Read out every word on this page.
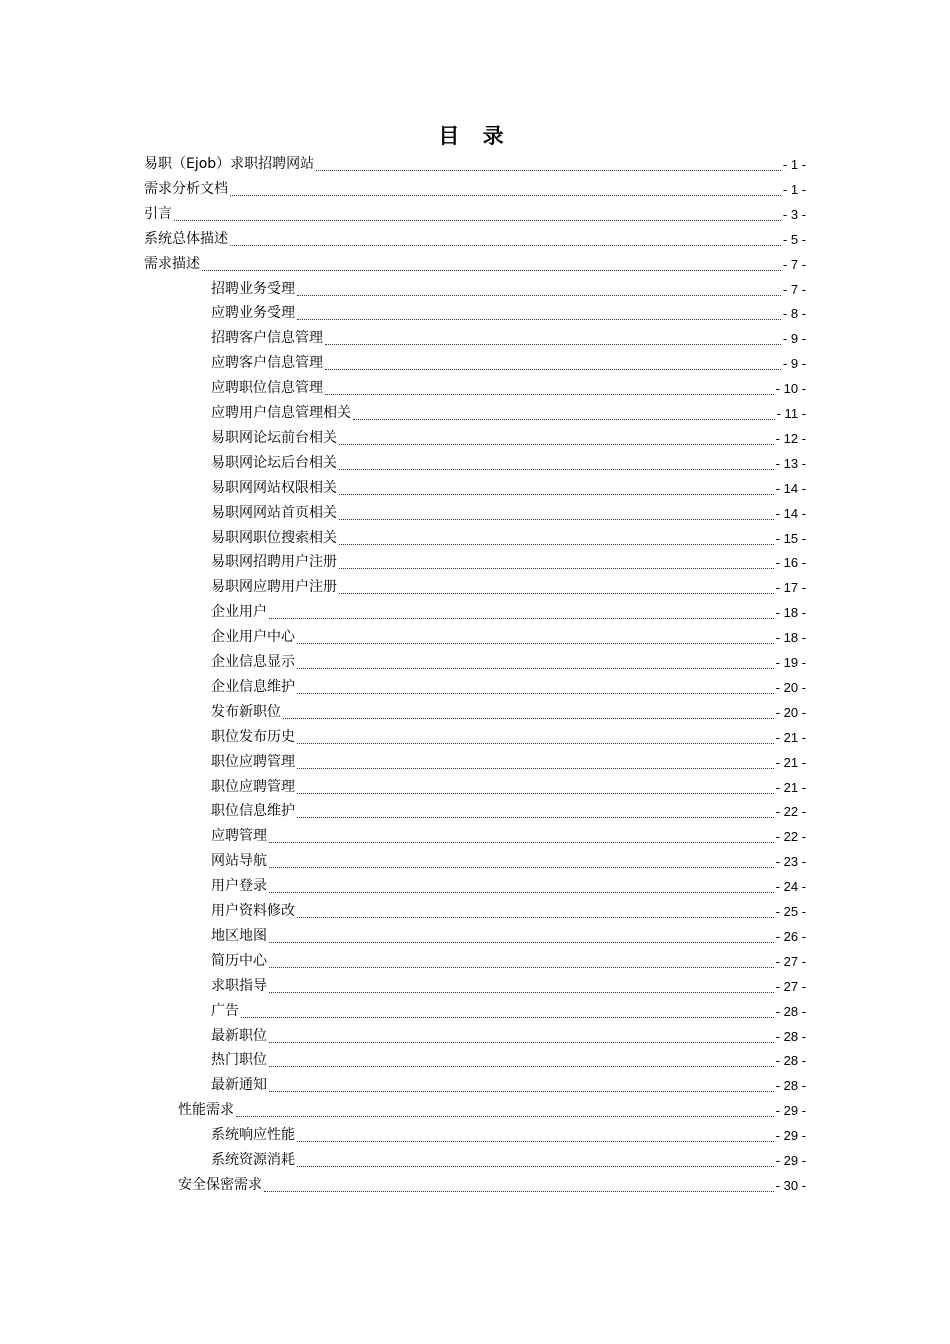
目 录
易职（Ejob）求职招聘网站	- 1 -
需求分析文档	- 1 -
引言	- 3 -
系统总体描述	- 5 -
需求描述	- 7 -
招聘业务受理	- 7 -
应聘业务受理	- 8 -
招聘客户信息管理	- 9 -
应聘客户信息管理	- 9 -
应聘职位信息管理	- 10 -
应聘用户信息管理相关	- 11 -
易职网论坛前台相关	- 12 -
易职网论坛后台相关	- 13 -
易职网网站权限相关	- 14 -
易职网网站首页相关	- 14 -
易职网职位搜索相关	- 15 -
易职网招聘用户注册	- 16 -
易职网应聘用户注册	- 17 -
企业用户	- 18 -
企业用户中心	- 18 -
企业信息显示	- 19 -
企业信息维护	- 20 -
发布新职位	- 20 -
职位发布历史	- 21 -
职位应聘管理	- 21 -
职位应聘管理	- 21 -
职位信息维护	- 22 -
应聘管理	- 22 -
网站导航	- 23 -
用户登录	- 24 -
用户资料修改	- 25 -
地区地图	- 26 -
简历中心	- 27 -
求职指导	- 27 -
广告	- 28 -
最新职位	- 28 -
热门职位	- 28 -
最新通知	- 28 -
性能需求	- 29 -
系统响应性能	- 29 -
系统资源消耗	- 29 -
安全保密需求	- 30 -
